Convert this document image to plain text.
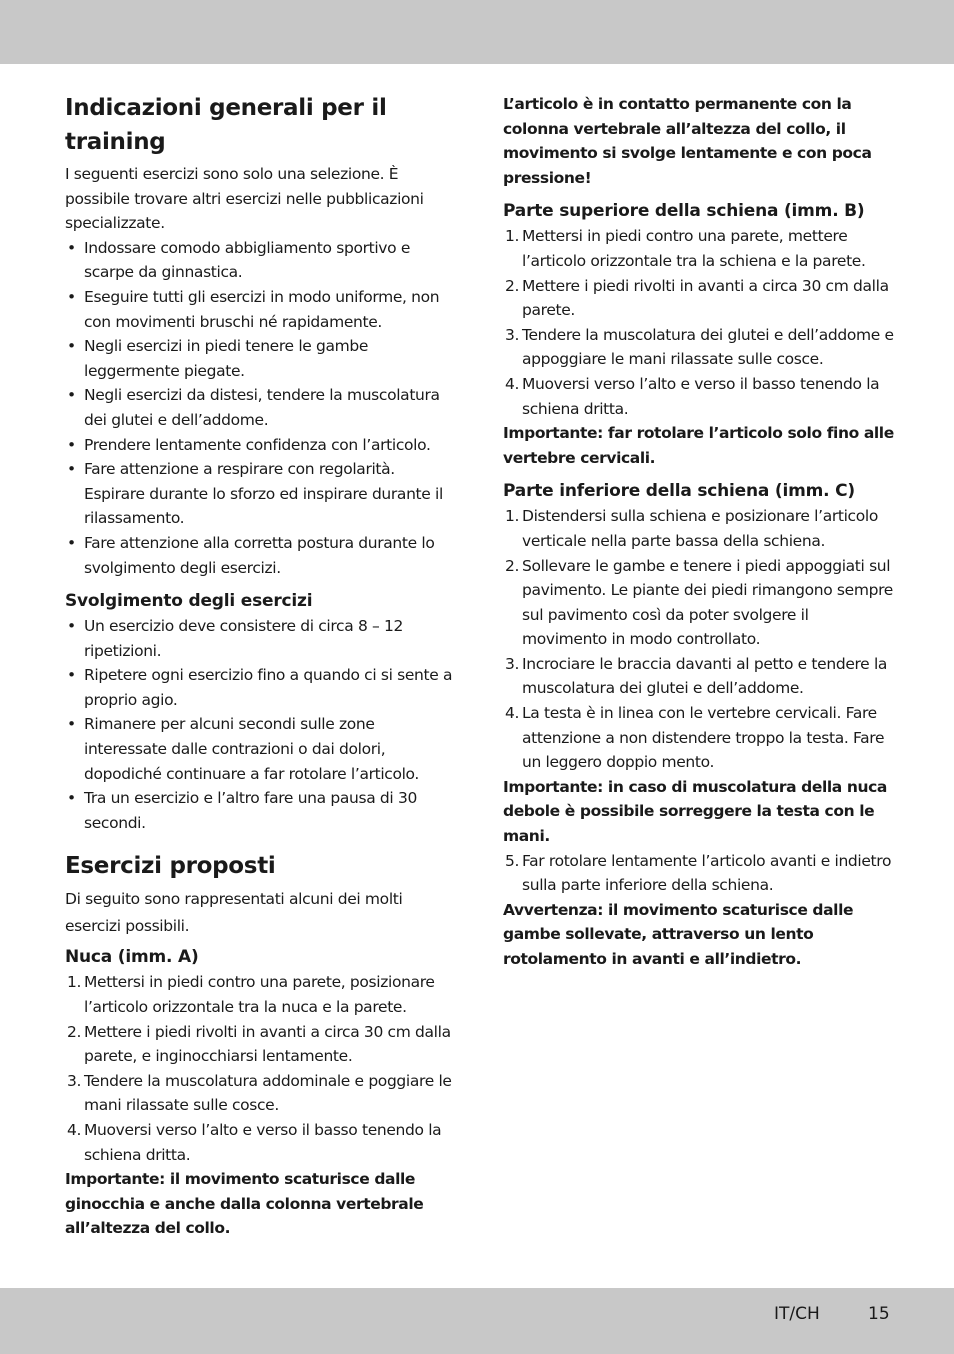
Indicazioni generali per il training

I seguenti esercizi sono solo una selezione. È possibile trovare altri esercizi nelle pubblicazioni specializzate.

• Indossare comodo abbigliamento sportivo e scarpe da ginnastica.
• Eseguire tutti gli esercizi in modo uniforme, non con movimenti bruschi né rapidamente.
• Negli esercizi in piedi tenere le gambe leggermente piegate.
• Negli esercizi da distesi, tendere la muscolatura dei glutei e dell’addome.
• Prendere lentamente confidenza con l’articolo.
• Fare attenzione a respirare con regolarità. Espirare durante lo sforzo ed inspirare durante il rilassamento.
• Fare attenzione alla corretta postura durante lo svolgimento degli esercizi.
Svolgimento degli esercizi
• Un esercizio deve consistere di circa 8 – 12 ripetizioni.
• Ripetere ogni esercizio fino a quando ci si sente a proprio agio.
• Rimanere per alcuni secondi sulle zone interessate dalle contrazioni o dai dolori, dopodiché continuare a far rotolare l’articolo.
• Tra un esercizio e l’altro fare una pausa di 30 secondi.
Esercizi proposti

Di seguito sono rappresentati alcuni dei molti esercizi possibili.

Nuca (imm. A)
1. Mettersi in piedi contro una parete, posizionare l’articolo orizzontale tra la nuca e la parete.
2. Mettere i piedi rivolti in avanti a circa 30 cm dalla parete, e inginocchiarsi lentamente.
3. Tendere la muscolatura addominale e poggiare le mani rilassate sulle cosce.
4. Muoversi verso l’alto e verso il basso tenendo la schiena dritta.

Importante: il movimento scaturisce dalle ginocchia e anche dalla colonna vertebrale all’altezza del collo.

L’articolo è in contatto permanente con la colonna vertebrale all’altezza del collo, il movimento si svolge lentamente e con poca pressione!

Parte superiore della schiena (imm. B)
1. Mettersi in piedi contro una parete, mettere l’articolo orizzontale tra la schiena e la parete.
2. Mettere i piedi rivolti in avanti a circa 30 cm dalla parete.
3. Tendere la muscolatura dei glutei e dell’addome e appoggiare le mani rilassate sulle cosce.
4. Muoversi verso l’alto e verso il basso tenendo la schiena dritta.

Importante: far rotolare l’articolo solo fino alle vertebre cervicali.

Parte inferiore della schiena (imm. C)
1. Distendersi sulla schiena e posizionare l’articolo verticale nella parte bassa della schiena.
2. Sollevare le gambe e tenere i piedi appoggiati sul pavimento. Le piante dei piedi rimangono sempre sul pavimento così da poter svolgere il movimento in modo controllato.
3. Incrociare le braccia davanti al petto e tendere la muscolatura dei glutei e dell’addome.
4. La testa è in linea con le vertebre cervicali. Fare attenzione a non distendere troppo la testa. Fare un leggero doppio mento.

Importante: in caso di muscolatura della nuca debole è possibile sorreggere la testa con le mani.

5. Far rotolare lentamente l’articolo avanti e indietro sulla parte inferiore della schiena.

Avvertenza: il movimento scaturisce dalle gambe sollevate, attraverso un lento rotolamento in avanti e all’indietro.

IT/CH	15
